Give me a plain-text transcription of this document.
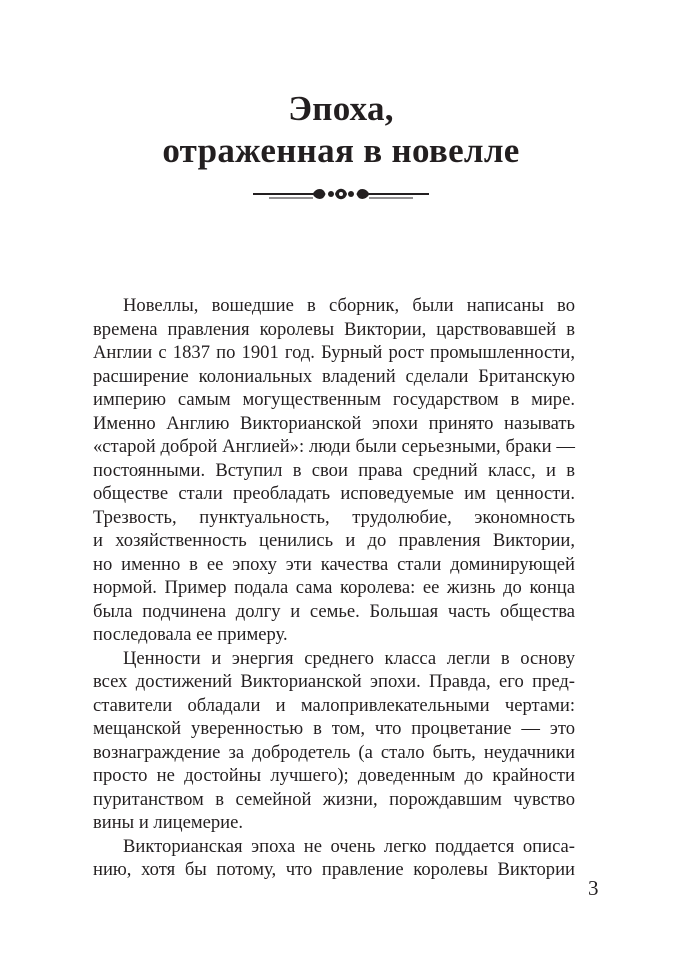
Эпоха,
отраженная в новелле
Новеллы, вошедшие в сборник, были написаны во
времена правления королевы Виктории, царствовавшей в
Англии с 1837 по 1901 год. Бурный рост промышленности,
расширение колониальных владений сделали Британскую
империю самым могущественным государством в мире.
Именно Англию Викторианской эпохи принято называть
«старой доброй Англией»: люди были серьезными, браки —
постоянными. Вступил в свои права средний класс, и в
обществе стали преобладать исповедуемые им ценности.
Трезвость, пунктуальность, трудолюбие, экономность
и хозяйственность ценились и до правления Виктории,
но именно в ее эпоху эти качества стали доминирующей
нормой. Пример подала сама королева: ее жизнь до конца
была подчинена долгу и семье. Большая часть общества
последовала ее примеру.
Ценности и энергия среднего класса легли в основу
всех достижений Викторианской эпохи. Правда, его пред-
ставители обладали и малопривлекательными чертами:
мещанской уверенностью в том, что процветание — это
вознаграждение за добродетель (а стало быть, неудачники
просто не достойны лучшего); доведенным до крайности
пуританством в семейной жизни, порождавшим чувство
вины и лицемерие.
Викторианская эпоха не очень легко поддается описа-
нию, хотя бы потому, что правление королевы Виктории

3
